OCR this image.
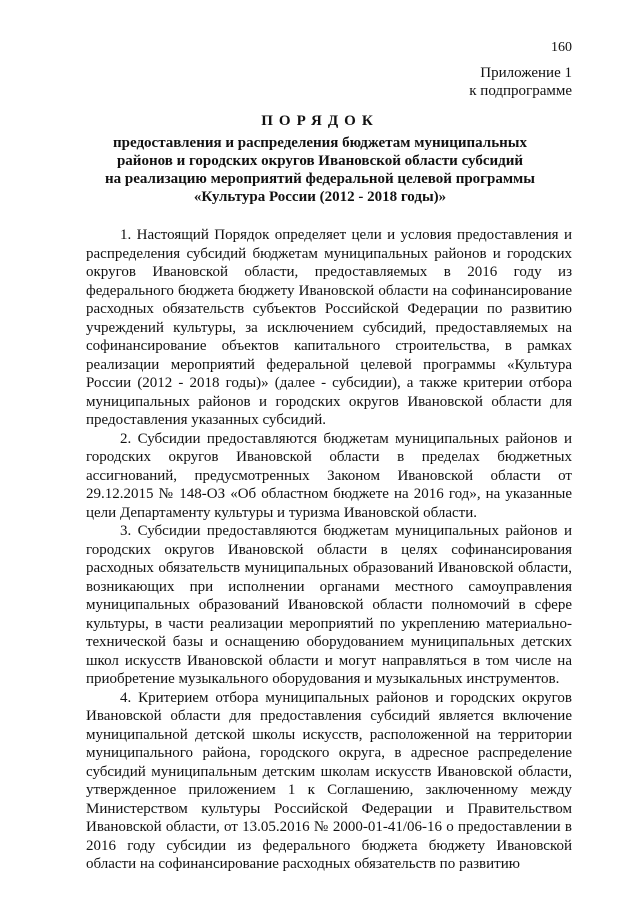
160
Приложение 1
к подпрограмме
ПОРЯДОК
предоставления и распределения бюджетам муниципальных
районов и городских округов Ивановской области субсидий
на реализацию мероприятий федеральной целевой программы
«Культура России (2012 - 2018 годы)»

1. Настоящий Порядок определяет цели и условия предоставления и распределения субсидий бюджетам муниципальных районов и городских округов Ивановской области, предоставляемых в 2016 году из федерального бюджета бюджету Ивановской области на софинансирование расходных обязательств субъектов Российской Федерации по развитию учреждений культуры, за исключением субсидий, предоставляемых на софинансирование объектов капитального строительства, в рамках реализации мероприятий федеральной целевой программы «Культура России (2012 - 2018 годы)» (далее - субсидии), а также критерии отбора муниципальных районов и городских округов Ивановской области для предоставления указанных субсидий.

2. Субсидии предоставляются бюджетам муниципальных районов и городских округов Ивановской области в пределах бюджетных ассигнований, предусмотренных Законом Ивановской области от 29.12.2015 № 148-ОЗ «Об областном бюджете на 2016 год», на указанные цели Департаменту культуры и туризма Ивановской области.

3. Субсидии предоставляются бюджетам муниципальных районов и городских округов Ивановской области в целях софинансирования расходных обязательств муниципальных образований Ивановской области, возникающих при исполнении органами местного самоуправления муниципальных образований Ивановской области полномочий в сфере культуры, в части реализации мероприятий по укреплению материально-технической базы и оснащению оборудованием муниципальных детских школ искусств Ивановской области и могут направляться в том числе на приобретение музыкального оборудования и музыкальных инструментов.

4. Критерием отбора муниципальных районов и городских округов Ивановской области для предоставления субсидий является включение муниципальной детской школы искусств, расположенной на территории муниципального района, городского округа, в адресное распределение субсидий муниципальным детским школам искусств Ивановской области, утвержденное приложением 1 к Соглашению, заключенному между Министерством культуры Российской Федерации и Правительством Ивановской области, от 13.05.2016 № 2000-01-41/06-16 о предоставлении в 2016 году субсидии из федерального бюджета бюджету Ивановской области на софинансирование расходных обязательств по развитию
